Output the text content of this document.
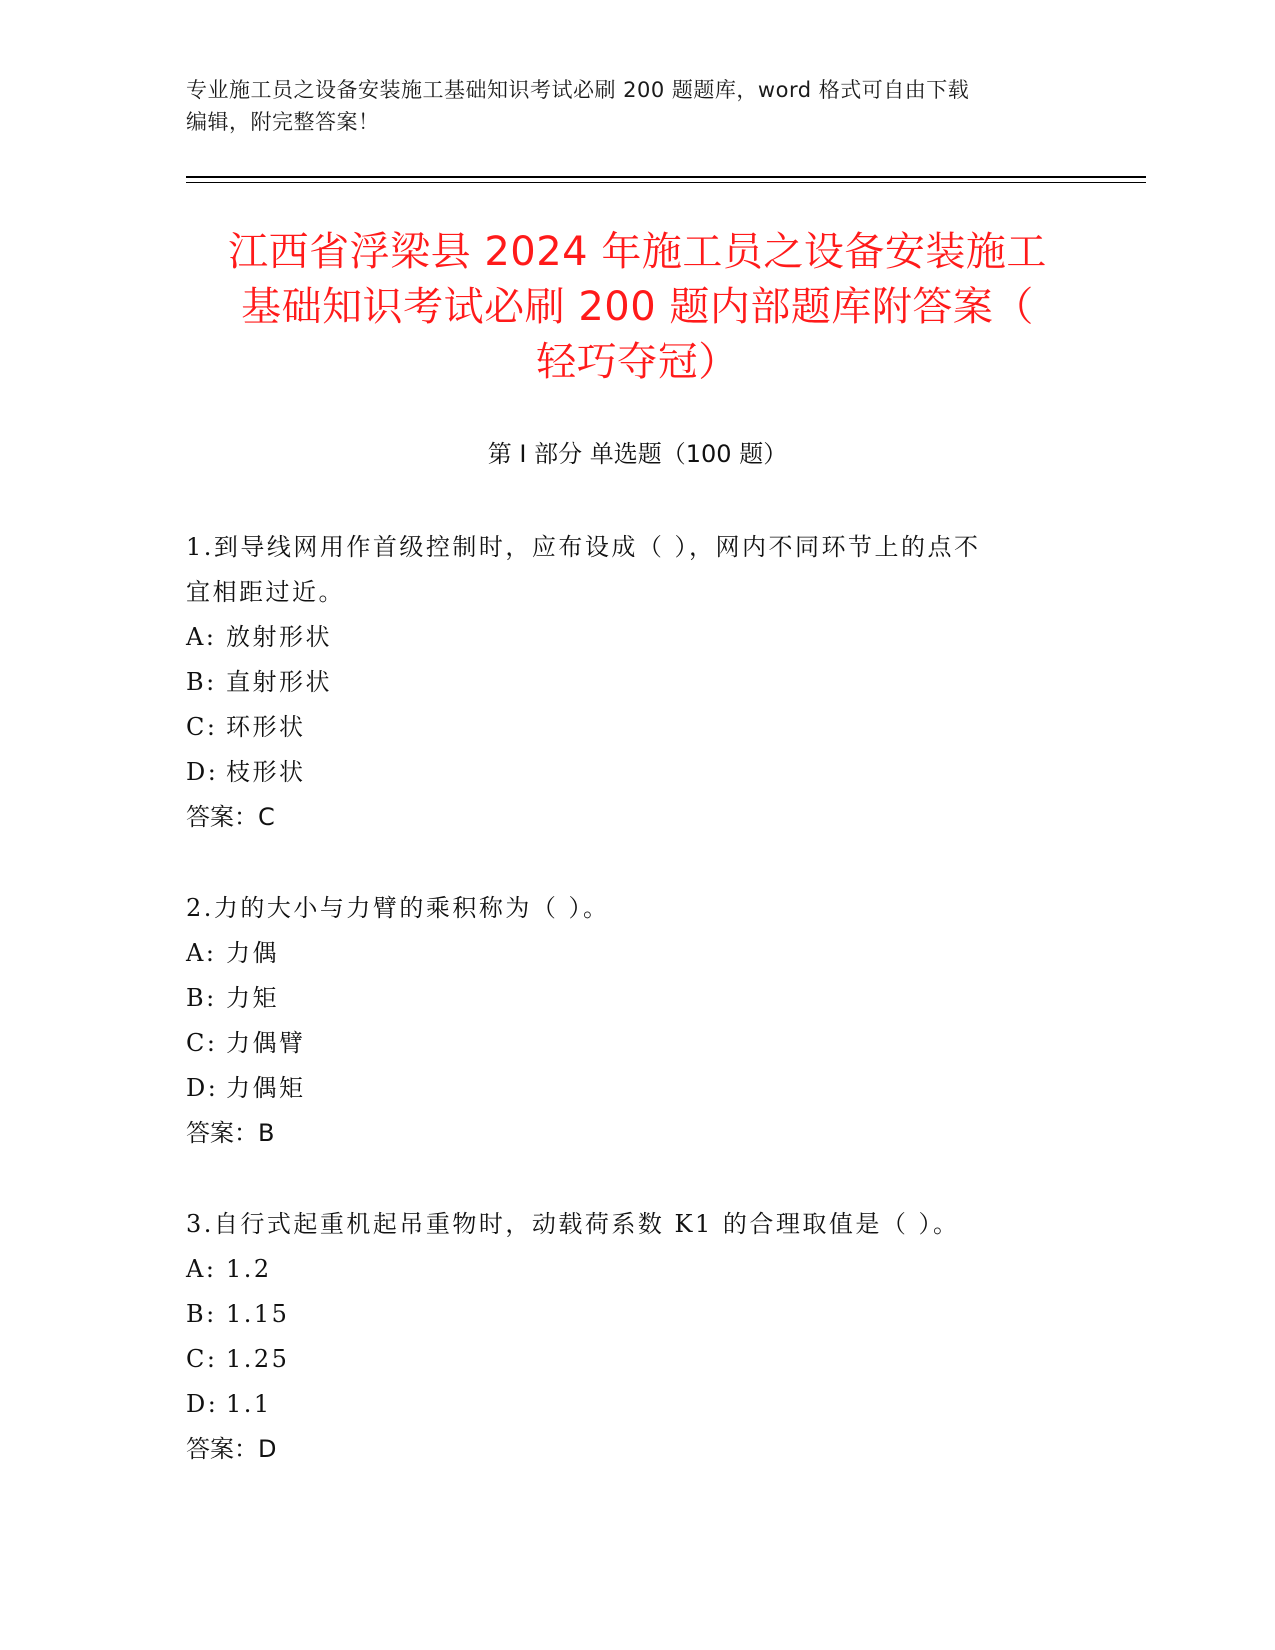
专业施工员之设备安装施工基础知识考试必刷 200 题题库，word 格式可自由下载
编辑，附完整答案！
江西省浮梁县 2024 年施工员之设备安装施工
基础知识考试必刷 200 题内部题库附答案（
轻巧夺冠）
第 I 部分 单选题（100 题）

1.到导线网用作首级控制时，应布设成（ ），网内不同环节上的点不
宜相距过近。

A: 放射形状

B: 直射形状

C: 环形状

D: 枝形状

答案：C

2.力的大小与力臂的乘积称为（ ）。

A: 力偶

B: 力矩

C: 力偶臂

D: 力偶矩

答案：B

3.自行式起重机起吊重物时，动载荷系数 K1 的合理取值是（ ）。

A: 1.2

B: 1.15

C: 1.25

D: 1.1

答案：D
